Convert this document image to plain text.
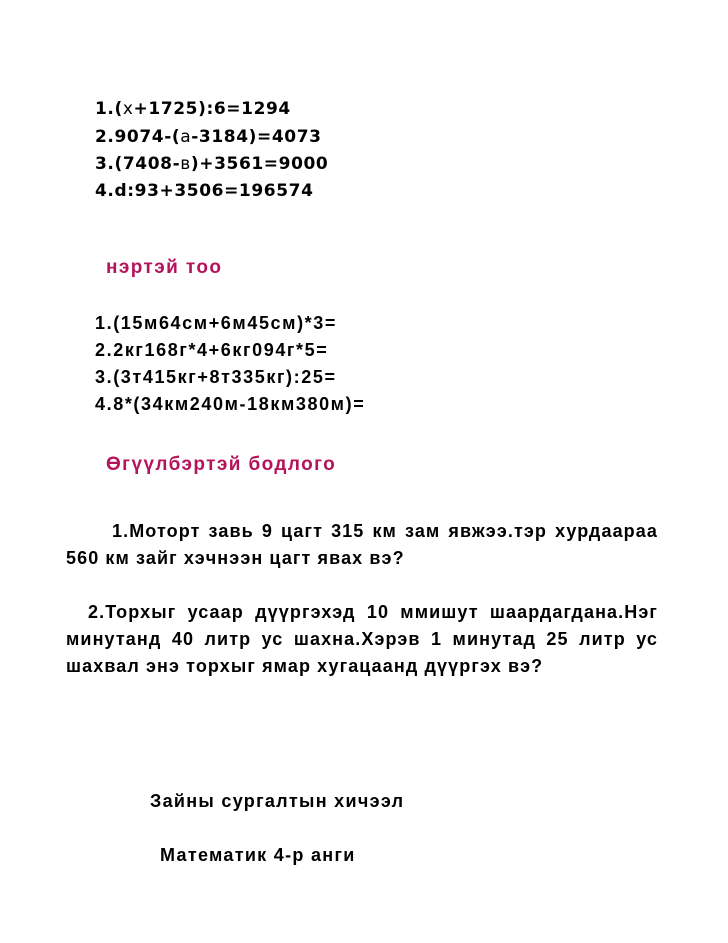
1.(х+1725):6=1294
2.9074-(а-3184)=4073
3.(7408-в)+3561=9000
4.d:93+3506=196574
нэртэй тоо
1.(15м64см+6м45см)*3=
2.2кг168г*4+6кг094г*5=
3.(3т415кг+8т335кг):25=
4.8*(34км240м-18км380м)=
Өгүүлбэртэй бодлого

1.Моторт завь 9 цагт 315 км зам явжээ.тэр хурдаараа 560 км зайг хэчнээн цагт явах вэ?

2.Торхыг усаар дүүргэхэд 10 ммишут шаардагдана.Нэг минутанд 40 литр ус шахна.Хэрэв 1 минутад 25 литр ус шахвал энэ торхыг ямар хугацаанд дүүргэх вэ?

Зайны сургалтын хичээл
Математик 4-р анги
